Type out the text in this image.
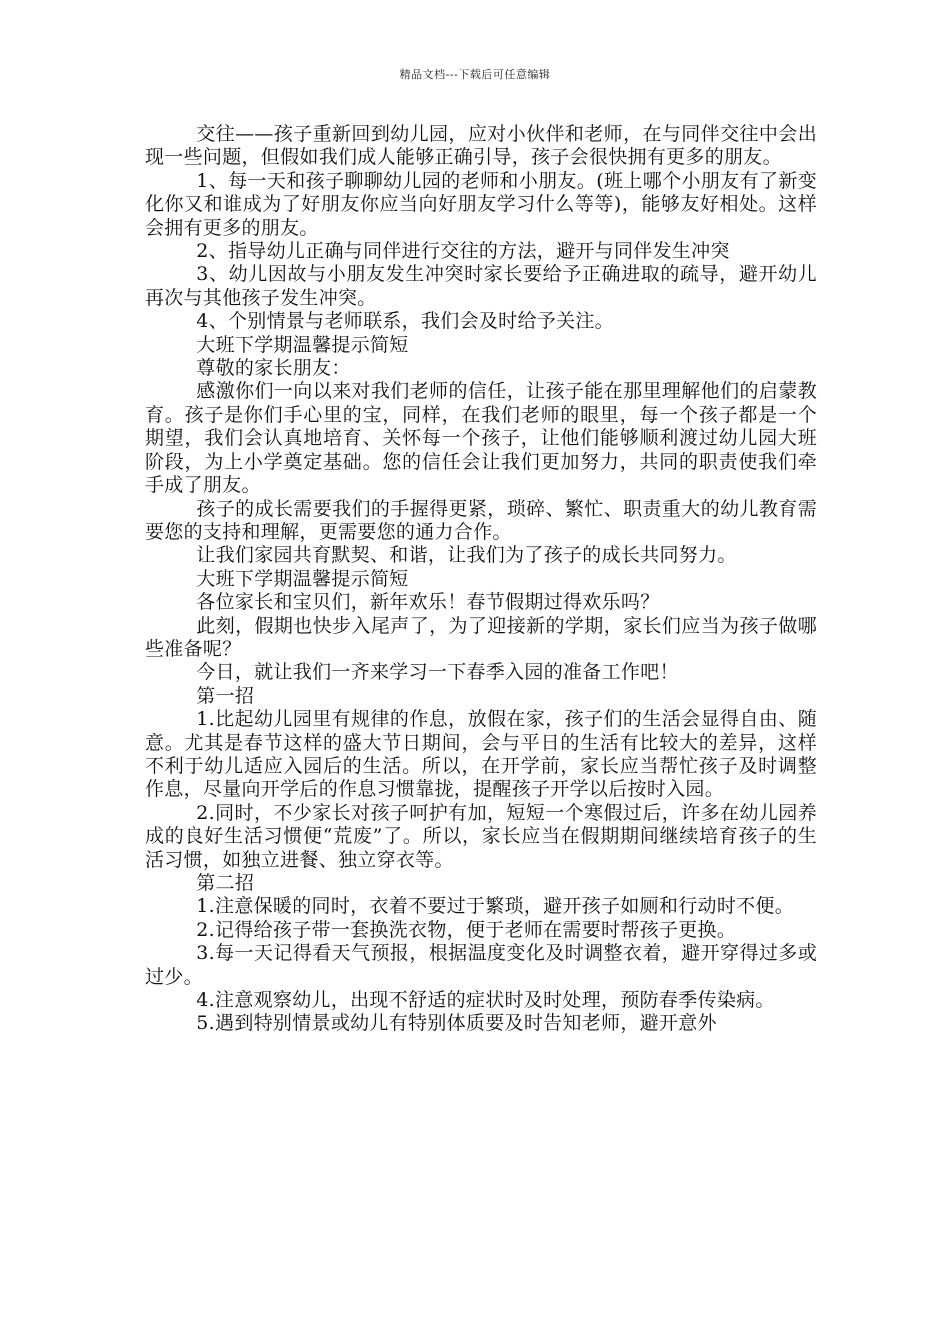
精品文档---下载后可任意编辑

交往——孩子重新回到幼儿园，应对小伙伴和老师，在与同伴交往中会出现一些问题，但假如我们成人能够正确引导，孩子会很快拥有更多的朋友。

1、每一天和孩子聊聊幼儿园的老师和小朋友。(班上哪个小朋友有了新变化你又和谁成为了好朋友你应当向好朋友学习什么等等)，能够友好相处。这样会拥有更多的朋友。

2、指导幼儿正确与同伴进行交往的方法，避开与同伴发生冲突

3、幼儿因故与小朋友发生冲突时家长要给予正确进取的疏导，避开幼儿再次与其他孩子发生冲突。

4、个别情景与老师联系，我们会及时给予关注。

大班下学期温馨提示简短

尊敬的家长朋友：

感激你们一向以来对我们老师的信任，让孩子能在那里理解他们的启蒙教育。孩子是你们手心里的宝，同样，在我们老师的眼里，每一个孩子都是一个期望，我们会认真地培育、关怀每一个孩子，让他们能够顺利渡过幼儿园大班阶段，为上小学奠定基础。您的信任会让我们更加努力，共同的职责使我们牵手成了朋友。

孩子的成长需要我们的手握得更紧，琐碎、繁忙、职责重大的幼儿教育需要您的支持和理解，更需要您的通力合作。

让我们家园共育默契、和谐，让我们为了孩子的成长共同努力。

大班下学期温馨提示简短

各位家长和宝贝们，新年欢乐！春节假期过得欢乐吗？

此刻，假期也快步入尾声了，为了迎接新的学期，家长们应当为孩子做哪些准备呢？

今日，就让我们一齐来学习一下春季入园的准备工作吧！

第一招

1.比起幼儿园里有规律的作息，放假在家，孩子们的生活会显得自由、随意。尤其是春节这样的盛大节日期间，会与平日的生活有比较大的差异，这样不利于幼儿适应入园后的生活。所以，在开学前，家长应当帮忙孩子及时调整作息，尽量向开学后的作息习惯靠拢，提醒孩子开学以后按时入园。

2.同时，不少家长对孩子呵护有加，短短一个寒假过后，许多在幼儿园养成的良好生活习惯便“荒废”了。所以，家长应当在假期期间继续培育孩子的生活习惯，如独立进餐、独立穿衣等。

第二招

1.注意保暖的同时，衣着不要过于繁琐，避开孩子如厕和行动时不便。

2.记得给孩子带一套换洗衣物，便于老师在需要时帮孩子更换。

3.每一天记得看天气预报，根据温度变化及时调整衣着，避开穿得过多或过少。

4.注意观察幼儿，出现不舒适的症状时及时处理，预防春季传染病。

5.遇到特别情景或幼儿有特别体质要及时告知老师，避开意外
